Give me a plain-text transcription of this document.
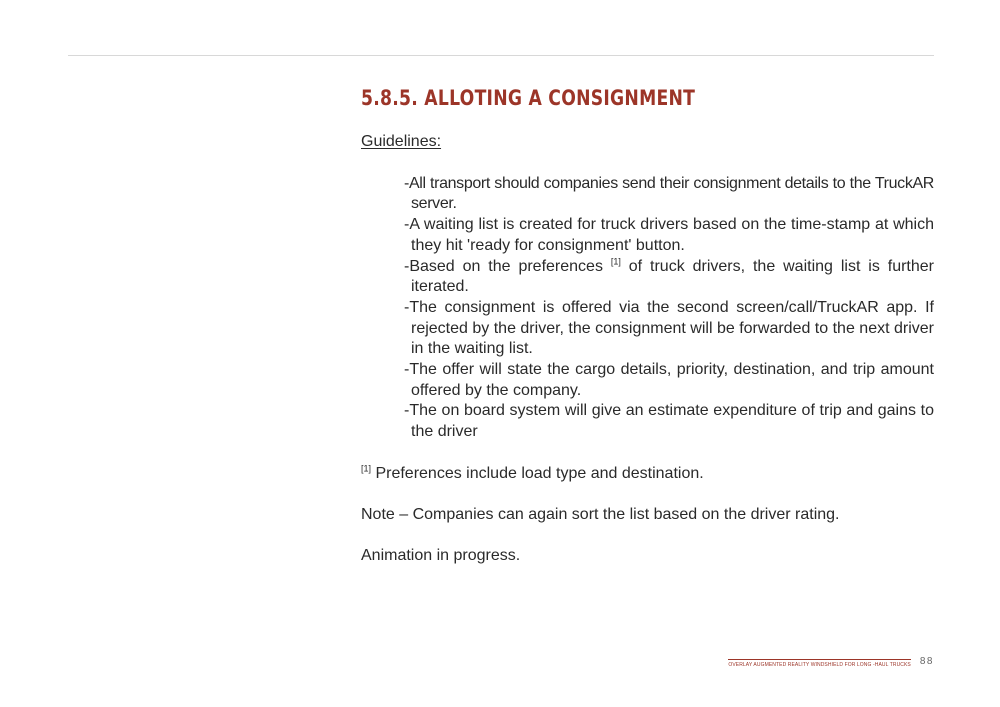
5.8.5. ALLOTING A CONSIGNMENT

Guidelines:

-All transport should companies send their consignment details to the TruckAR server.
-A waiting list is created for truck drivers based on the time-stamp at which they hit 'ready for consignment' button.
-Based on the preferences [1] of truck drivers, the waiting list is further iterated.
-The consignment is offered via the second screen/call/TruckAR app. If rejected by the driver, the consignment will be forwarded to the next driver in the waiting list.
-The offer will state the cargo details, priority, destination, and trip amount offered by the company.
-The on board system will give an estimate expenditure of trip and gains to the driver

[1] Preferences include load type and destination.

Note – Companies can again sort the list based on the driver rating.

Animation in progress.

OVERLAY AUGMENTED REALITY WINDSHIELD FOR LONG -HAUL TRUCKS 88
